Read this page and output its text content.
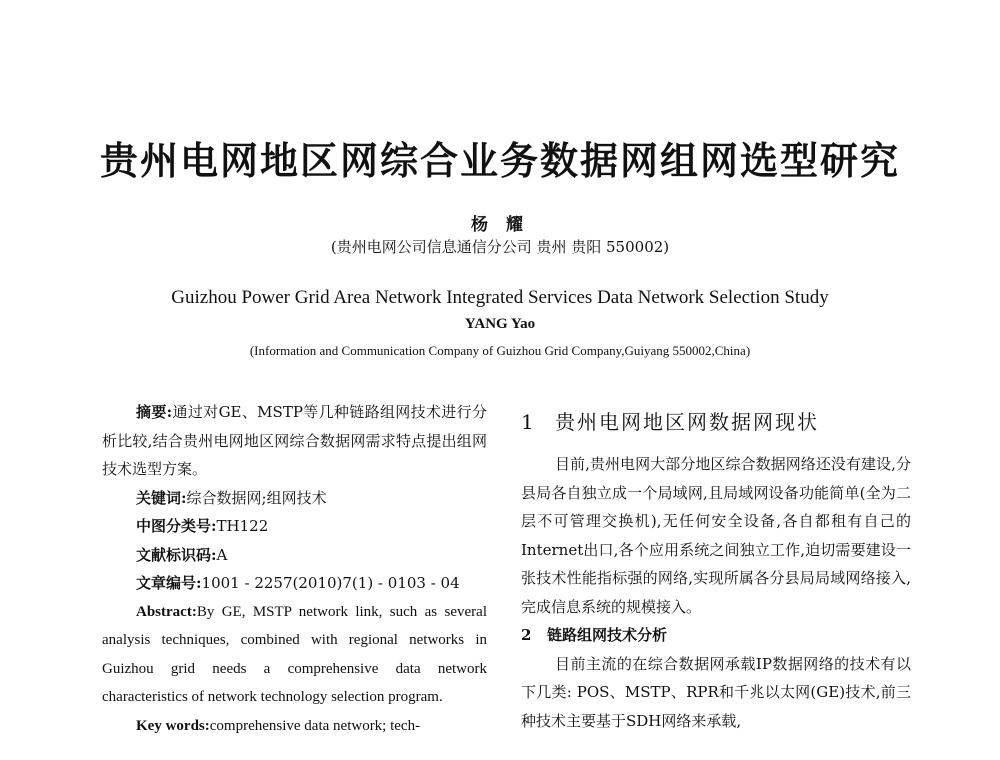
贵州电网地区网综合业务数据网组网选型研究
杨 耀
(贵州电网公司信息通信分公司 贵州 贵阳 550002)
Guizhou Power Grid Area Network Integrated Services Data Network Selection Study
YANG Yao
(Information and Communication Company of Guizhou Grid Company,Guiyang 550002,China)

摘要:通过对GE、MSTP等几种链路组网技术进行分析比较,结合贵州电网地区网综合数据网需求特点提出组网技术选型方案。

关键词:综合数据网;组网技术

中图分类号:TH122

文献标识码:A

文章编号:1001 - 2257(2010)7(1) - 0103 - 04

Abstract:By GE, MSTP network link, such as several analysis techniques, combined with regional networks in Guizhou grid needs a comprehensive data network characteristics of network technology selection program.

Key words:comprehensive data network; tech-

1 贵州电网地区网数据网现状

目前,贵州电网大部分地区综合数据网络还没有建设,分县局各自独立成一个局域网,且局域网设备功能简单(全为二层不可管理交换机),无任何安全设备,各自都租有自己的Internet出口,各个应用系统之间独立工作,迫切需要建设一张技术性能指标强的网络,实现所属各分县局局域网络接入,完成信息系统的规模接入。

2 链路组网技术分析

目前主流的在综合数据网承载IP数据网络的技术有以下几类: POS、MSTP、RPR和千兆以太网(GE)技术,前三种技术主要基于SDH网络来承载,
